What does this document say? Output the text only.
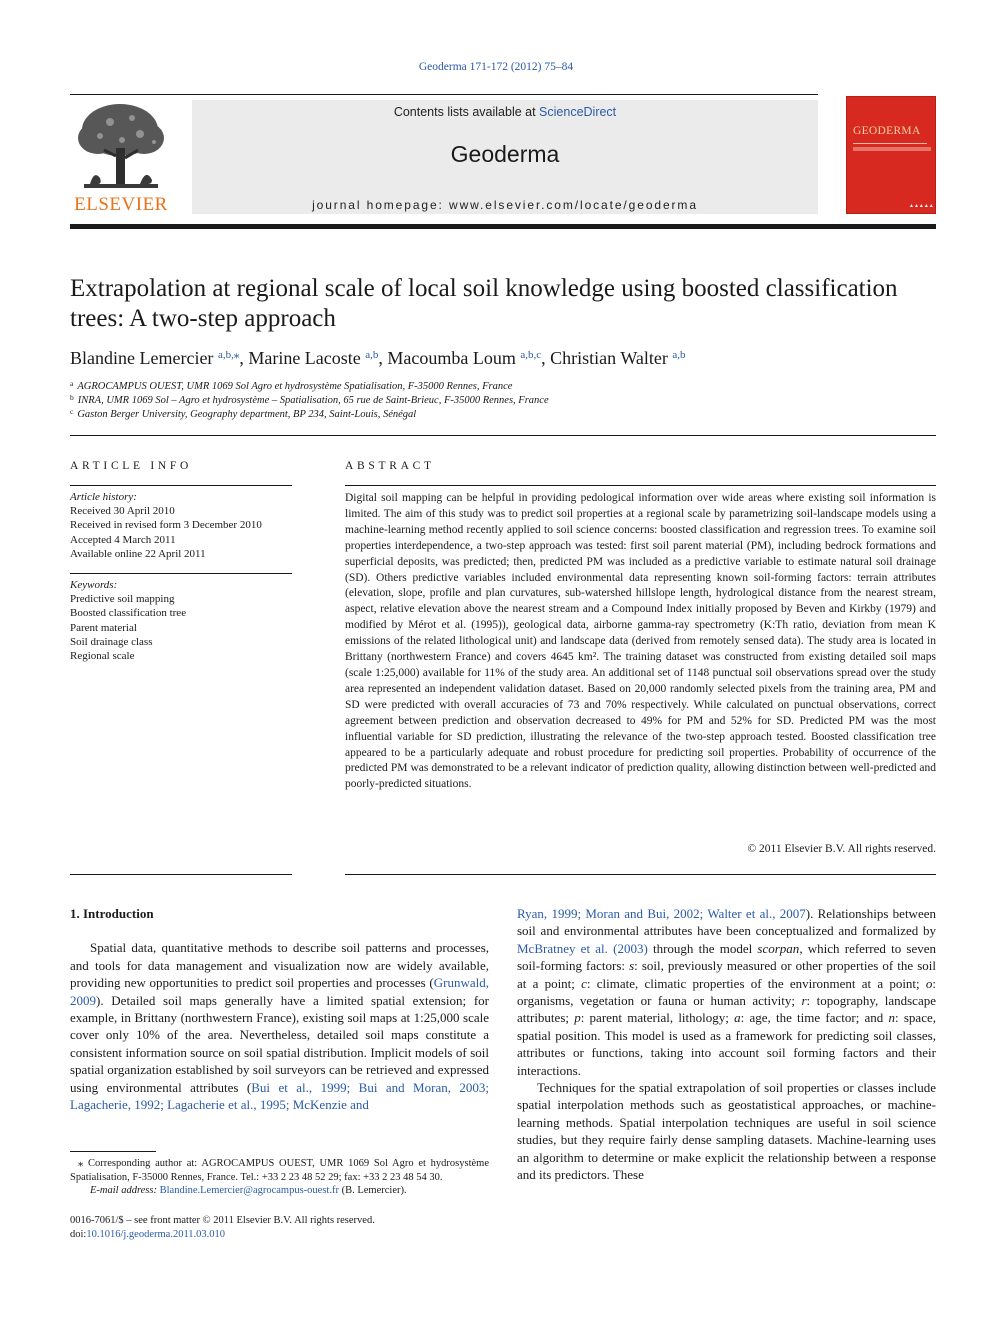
Geoderma 171-172 (2012) 75–84
ELSEVIER
Contents lists available at ScienceDirect
Geoderma
journal homepage: www.elsevier.com/locate/geoderma
GEODERMA
▲▲▲▲▲
Extrapolation at regional scale of local soil knowledge using boosted classification
trees: A two-step approach
Blandine Lemercier $^{a,b,⁎}$, Marine Lacoste $^{a,b}$, Macoumba Loum $^{a,b,c}$, Christian Walter $^{a,b}$
$^a$ AGROCAMPUS OUEST, UMR 1069 Sol Agro et hydrosystème Spatialisation, F-35000 Rennes, France
$^b$ INRA, UMR 1069 Sol – Agro et hydrosystème – Spatialisation, 65 rue de Saint-Brieuc, F-35000 Rennes, France
$^c$ Gaston Berger University, Geography department, BP 234, Saint-Louis, Sénégal
ARTICLE INFO
Article history:
Received 30 April 2010
Received in revised form 3 December 2010
Accepted 4 March 2011
Available online 22 April 2011
Keywords:
Predictive soil mapping
Boosted classification tree
Parent material
Soil drainage class
Regional scale
ABSTRACT
Digital soil mapping can be helpful in providing pedological information over wide areas where existing soil information is limited. The aim of this study was to predict soil properties at a regional scale by parametrizing soil-landscape models using a machine-learning method recently applied to soil science concerns: boosted classification and regression trees. To examine soil properties interdependence, a two-step approach was tested: first soil parent material (PM), including bedrock formations and superficial deposits, was predicted; then, predicted PM was included as a predictive variable to estimate natural soil drainage (SD). Others predictive variables included environmental data representing known soil-forming factors: terrain attributes (elevation, slope, profile and plan curvatures, sub-watershed hillslope length, hydrological distance from the nearest stream, aspect, relative elevation above the nearest stream and a Compound Index initially proposed by Beven and Kirkby (1979) and modified by Mérot et al. (1995)), geological data, airborne gamma-ray spectrometry (K:Th ratio, deviation from mean K emissions of the related lithological unit) and landscape data (derived from remotely sensed data). The study area is located in Brittany (northwestern France) and covers 4645 km². The training dataset was constructed from existing detailed soil maps (scale 1:25,000) available for 11% of the study area. An additional set of 1148 punctual soil observations spread over the study area represented an independent validation dataset. Based on 20,000 randomly selected pixels from the training area, PM and SD were predicted with overall accuracies of 73 and 70% respectively. While calculated on punctual observations, correct agreement between prediction and observation decreased to 49% for PM and 52% for SD. Predicted PM was the most influential variable for SD prediction, illustrating the relevance of the two-step approach tested. Boosted classification tree appeared to be a particularly adequate and robust procedure for predicting soil properties. Probability of occurrence of the predicted PM was demonstrated to be a relevant indicator of prediction quality, allowing distinction between well-predicted and poorly-predicted situations.
© 2011 Elsevier B.V. All rights reserved.
1. Introduction

Spatial data, quantitative methods to describe soil patterns and processes, and tools for data management and visualization now are widely available, providing new opportunities to predict soil properties and processes (Grunwald, 2009). Detailed soil maps generally have a limited spatial extension; for example, in Brittany (northwestern France), existing soil maps at 1:25,000 scale cover only 10% of the area. Nevertheless, detailed soil maps constitute a consistent information source on soil spatial distribution. Implicit models of soil spatial organization established by soil surveyors can be retrieved and expressed using environmental attributes (Bui et al., 1999; Bui and Moran, 2003; Lagacherie, 1992; Lagacherie et al., 1995; McKenzie and

Ryan, 1999; Moran and Bui, 2002; Walter et al., 2007). Relationships between soil and environmental attributes have been conceptualized and formalized by McBratney et al. (2003) through the model scorpan, which referred to seven soil-forming factors: s: soil, previously measured or other properties of the soil at a point; c: climate, climatic properties of the environment at a point; o: organisms, vegetation or fauna or human activity; r: topography, landscape attributes; p: parent material, lithology; a: age, the time factor; and n: space, spatial position. This model is used as a framework for predicting soil classes, attributes or functions, taking into account soil forming factors and their interactions.

Techniques for the spatial extrapolation of soil properties or classes include spatial interpolation methods such as geostatistical approaches, or machine-learning methods. Spatial interpolation techniques are useful in soil science studies, but they require fairly dense sampling datasets. Machine-learning uses an algorithm to determine or make explicit the relationship between a response and its predictors. These

⁎ Corresponding author at: AGROCAMPUS OUEST, UMR 1069 Sol Agro et hydrosystème Spatialisation, F-35000 Rennes, France. Tel.: +33 2 23 48 52 29; fax: +33 2 23 48 54 30.
E-mail address: Blandine.Lemercier@agrocampus-ouest.fr (B. Lemercier).
0016-7061/$ – see front matter © 2011 Elsevier B.V. All rights reserved.
doi:10.1016/j.geoderma.2011.03.010
